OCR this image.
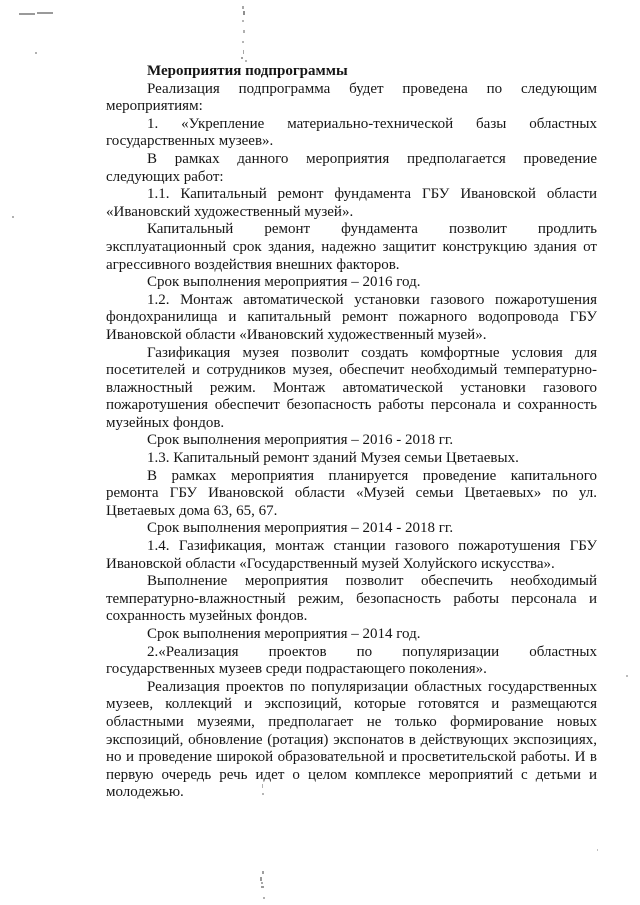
Мероприятия подпрограммы

Реализация подпрограмма будет проведена по следующим мероприятиям:

1. «Укрепление материально-технической базы областных государственных музеев».

В рамках данного мероприятия предполагается проведение следующих работ:

1.1. Капитальный ремонт фундамента ГБУ Ивановской области «Ивановский художественный музей».

Капитальный ремонт фундамента позволит продлить эксплуатационный срок здания, надежно защитит конструкцию здания от агрессивного воздействия внешних факторов.

Срок выполнения мероприятия – 2016 год.

1.2. Монтаж автоматической установки газового пожаротушения фондохранилища и капитальный ремонт пожарного водопровода ГБУ Ивановской области «Ивановский художественный музей».

Газификация музея позволит создать комфортные условия для посетителей и сотрудников музея, обеспечит необходимый температурно-влажностный режим. Монтаж автоматической установки газового пожаротушения обеспечит безопасность работы персонала и сохранность музейных фондов.

Срок выполнения мероприятия – 2016 - 2018 гг.

1.3. Капитальный ремонт зданий Музея семьи Цветаевых.

В рамках мероприятия планируется проведение капитального ремонта ГБУ Ивановской области «Музей семьи Цветаевых» по ул. Цветаевых дома 63, 65, 67.

Срок выполнения мероприятия – 2014 - 2018 гг.

1.4. Газификация, монтаж станции газового пожаротушения ГБУ Ивановской области «Государственный музей Холуйского искусства».

Выполнение мероприятия позволит обеспечить необходимый температурно-влажностный режим, безопасность работы персонала и сохранность музейных фондов.

Срок выполнения мероприятия – 2014 год.

2.«Реализация проектов по популяризации областных государственных музеев среди подрастающего поколения».

Реализация проектов по популяризации областных государственных музеев, коллекций и экспозиций, которые готовятся и размещаются областными музеями, предполагает не только формирование новых экспозиций, обновление (ротация) экспонатов в действующих экспозициях, но и проведение широкой образовательной и просветительской работы. И в первую очередь речь идет о целом комплексе мероприятий с детьми и молодежью.
